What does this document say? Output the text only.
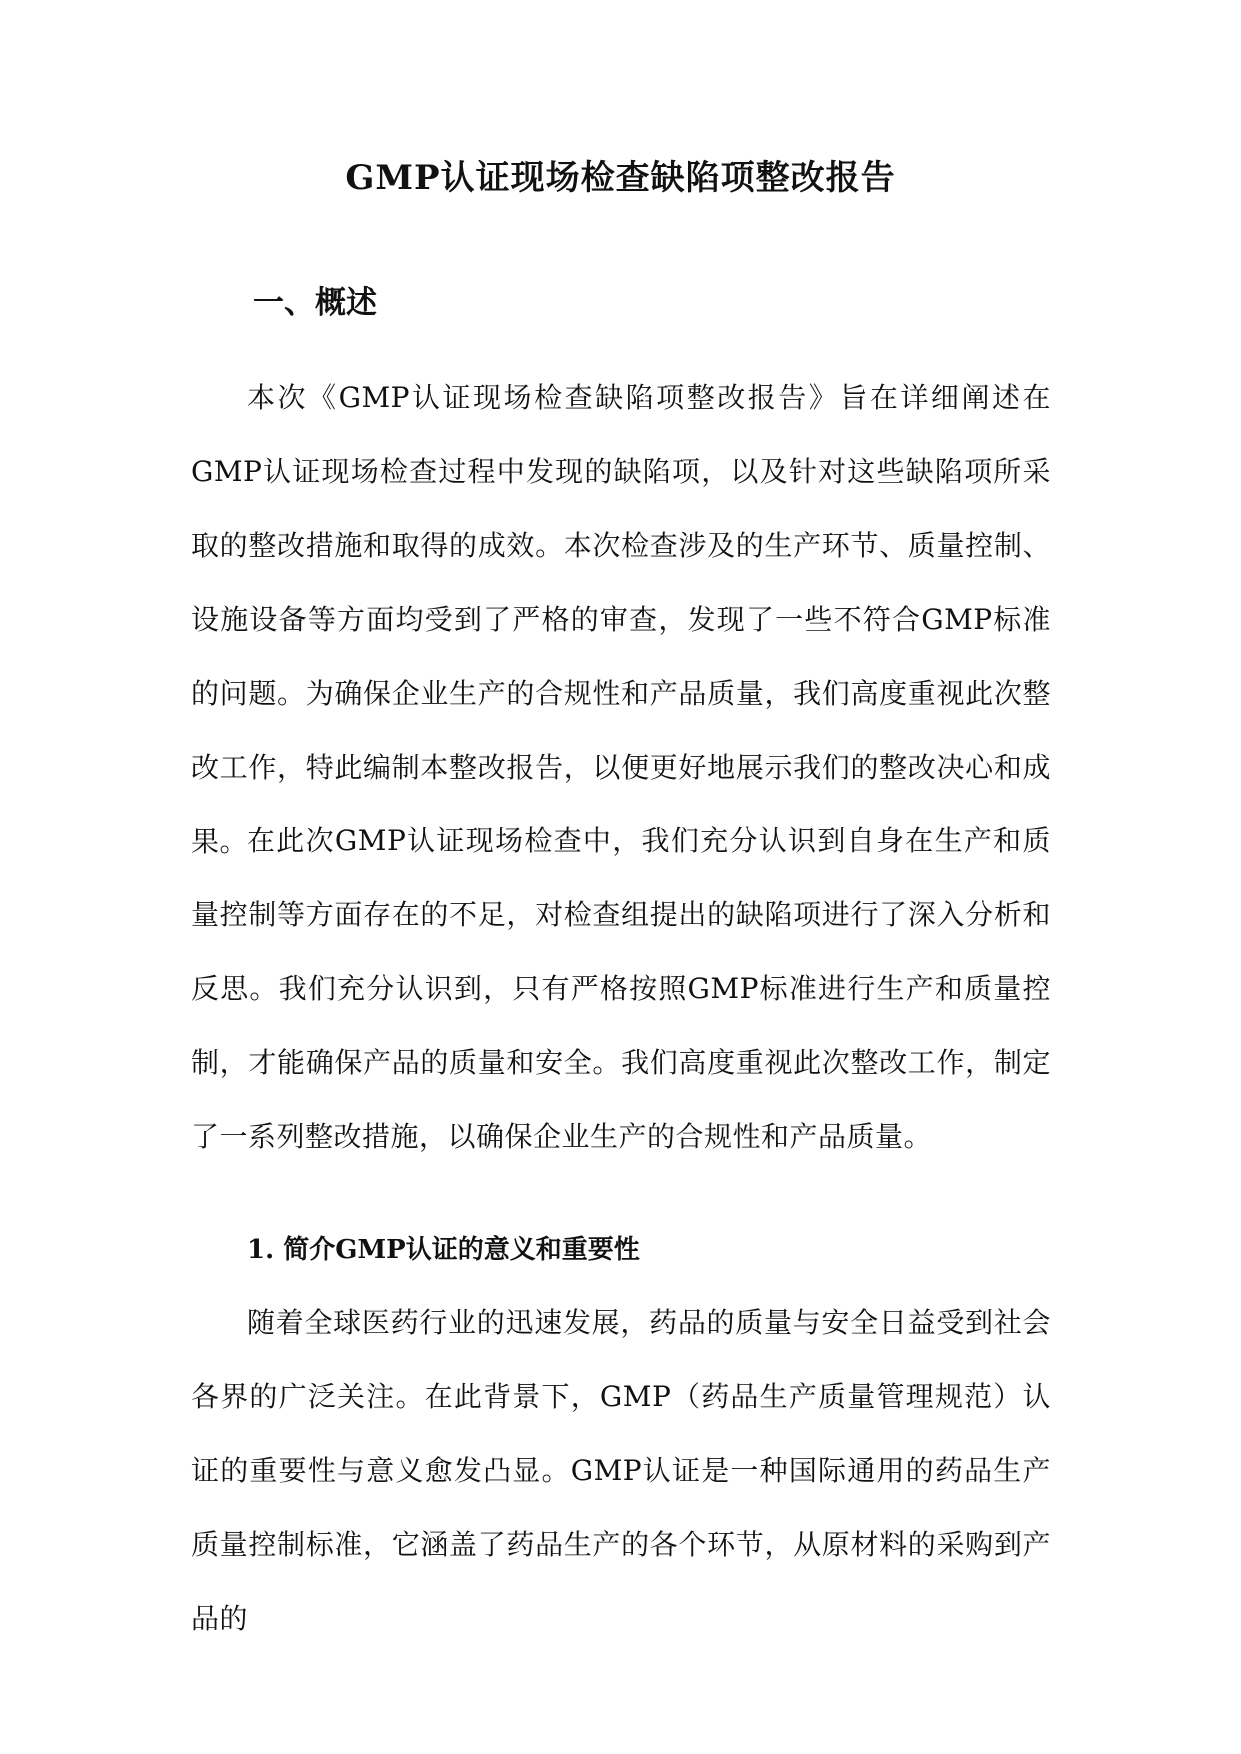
GMP认证现场检查缺陷项整改报告
一、概述

本次《GMP认证现场检查缺陷项整改报告》旨在详细阐述在GMP认证现场检查过程中发现的缺陷项，以及针对这些缺陷项所采取的整改措施和取得的成效。本次检查涉及的生产环节、质量控制、设施设备等方面均受到了严格的审查，发现了一些不符合GMP标准的问题。为确保企业生产的合规性和产品质量，我们高度重视此次整改工作，特此编制本整改报告，以便更好地展示我们的整改决心和成果。

在此次GMP认证现场检查中，我们充分认识到自身在生产和质量控制等方面存在的不足，对检查组提出的缺陷项进行了深入分析和反思。我们充分认识到，只有严格按照GMP标准进行生产和质量控制，才能确保产品的质量和安全。我们高度重视此次整改工作，制定了一系列整改措施，以确保企业生产的合规性和产品质量。

1. 简介GMP认证的意义和重要性

随着全球医药行业的迅速发展，药品的质量与安全日益受到社会各界的广泛关注。在此背景下，GMP（药品生产质量管理规范）认证的重要性与意义愈发凸显。GMP认证是一种国际通用的药品生产质量控制标准，它涵盖了药品生产的各个环节，从原材料的采购到产品的
